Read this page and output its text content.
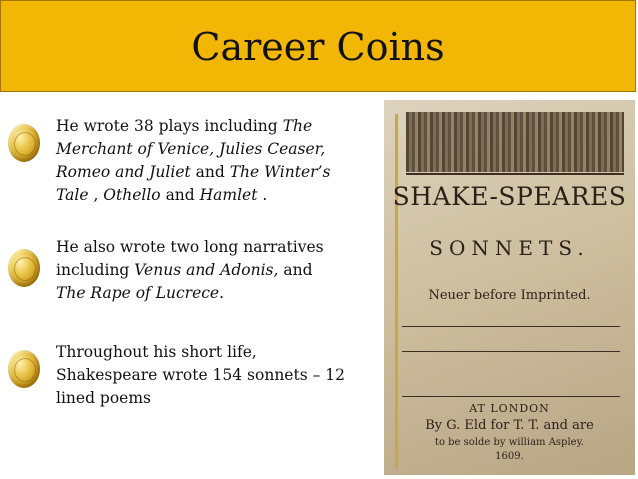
Career Coins
He wrote 38 plays including The
Merchant of Venice, Julies Ceaser,
Romeo and Juliet and The Winter’s
Tale , Othello and Hamlet .
He also wrote two long narratives
including Venus and Adonis, and
The Rape of Lucrece.
Throughout his short life,
Shakespeare wrote 154 sonnets – 12
lined poems
SHAKE-SPEARES
SONNETS.
Neuer before Imprinted.
AT LONDON
By G. Eld for T. T. and are
to be solde by william Aspley.
1609.
